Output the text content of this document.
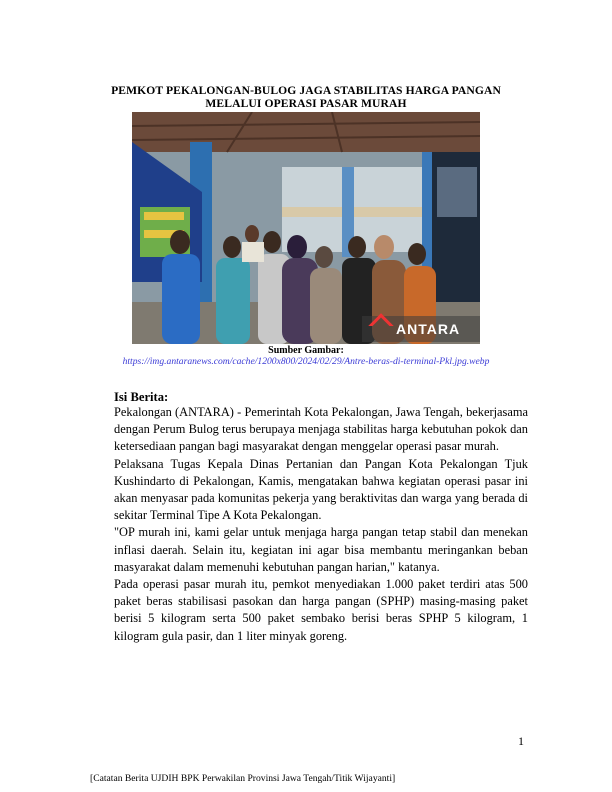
PEMKOT PEKALONGAN-BULOG JAGA STABILITAS HARGA PANGAN
MELALUI OPERASI PASAR MURAH
ANTARA
Sumber Gambar:
https://img.antaranews.com/cache/1200x800/2024/02/29/Antre-beras-di-terminal-Pkl.jpg.webp
Isi Berita:

Pekalongan (ANTARA) - Pemerintah Kota Pekalongan, Jawa Tengah, bekerjasama dengan Perum Bulog terus berupaya menjaga stabilitas harga kebutuhan pokok dan ketersediaan pangan bagi masyarakat dengan menggelar operasi pasar murah.

Pelaksana Tugas Kepala Dinas Pertanian dan Pangan Kota Pekalongan Tjuk Kushindarto di Pekalongan, Kamis, mengatakan bahwa kegiatan operasi pasar ini akan menyasar pada komunitas pekerja yang beraktivitas dan warga yang berada di sekitar Terminal Tipe A Kota Pekalongan.

"OP murah ini, kami gelar untuk menjaga harga pangan tetap stabil dan menekan inflasi daerah. Selain itu, kegiatan ini agar bisa membantu meringankan beban masyarakat dalam memenuhi kebutuhan pangan harian," katanya.

Pada operasi pasar murah itu, pemkot menyediakan 1.000 paket terdiri atas 500 paket beras stabilisasi pasokan dan harga pangan (SPHP) masing-masing paket berisi 5 kilogram serta 500 paket sembako berisi beras SPHP 5 kilogram, 1 kilogram gula pasir, dan 1 liter minyak goreng.

1
[Catatan Berita UJDIH BPK Perwakilan Provinsi Jawa Tengah/Titik Wijayanti]
